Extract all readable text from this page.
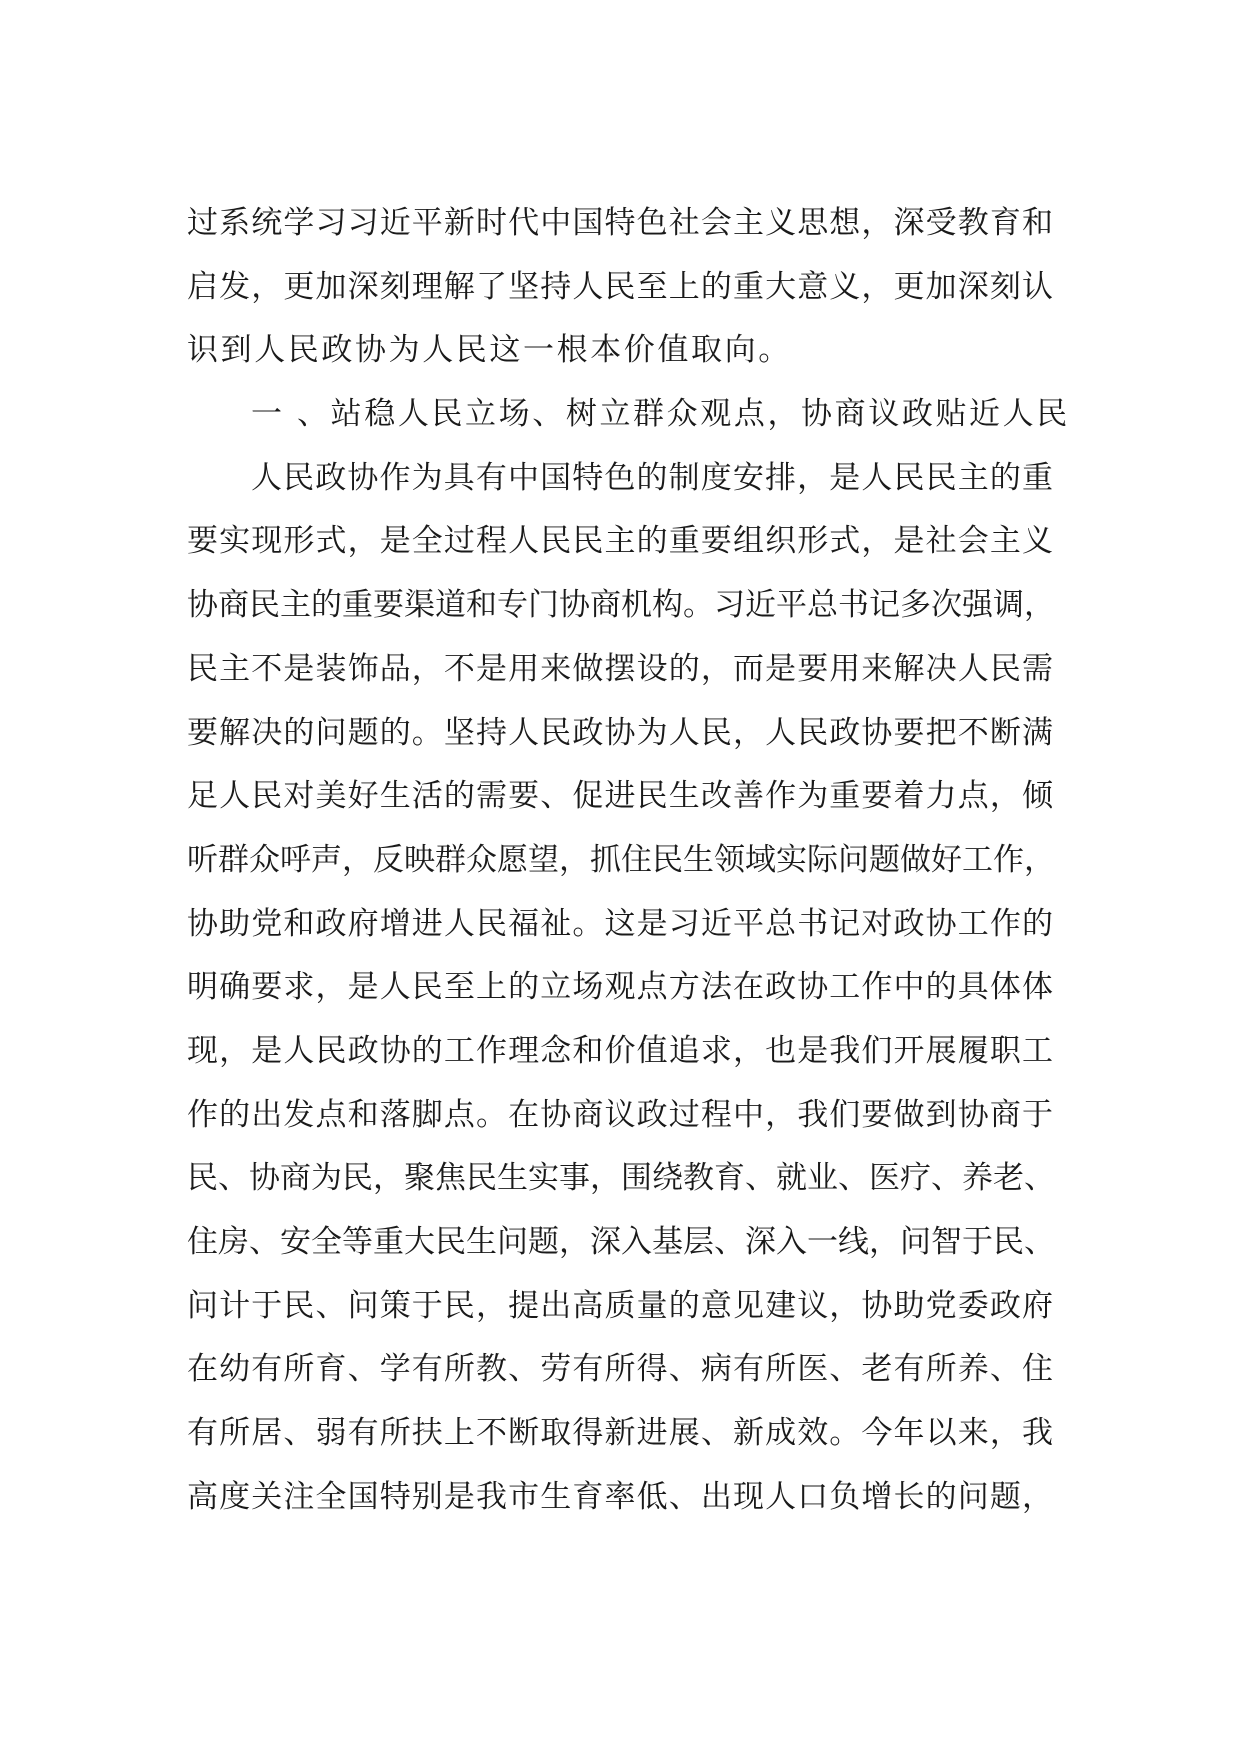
过系统学习习近平新时代中国特色社会主义思想，深受教育和
启发，更加深刻理解了坚持人民至上的重大意义，更加深刻认
识到人民政协为人民这一根本价值取向。
一 、站稳人民立场、树立群众观点，协商议政贴近人民
人民政协作为具有中国特色的制度安排，是人民民主的重
要实现形式，是全过程人民民主的重要组织形式，是社会主义
协商民主的重要渠道和专门协商机构。习近平总书记多次强调，
民主不是装饰品，不是用来做摆设的，而是要用来解决人民需
要解决的问题的。坚持人民政协为人民，人民政协要把不断满
足人民对美好生活的需要、促进民生改善作为重要着力点，倾
听群众呼声，反映群众愿望，抓住民生领域实际问题做好工作，
协助党和政府增进人民福祉。这是习近平总书记对政协工作的
明确要求，是人民至上的立场观点方法在政协工作中的具体体
现，是人民政协的工作理念和价值追求，也是我们开展履职工
作的出发点和落脚点。在协商议政过程中，我们要做到协商于
民、协商为民，聚焦民生实事，围绕教育、就业、医疗、养老、
住房、安全等重大民生问题，深入基层、深入一线，问智于民、
问计于民、问策于民，提出高质量的意见建议，协助党委政府
在幼有所育、学有所教、劳有所得、病有所医、老有所养、住
有所居、弱有所扶上不断取得新进展、新成效。今年以来，我
高度关注全国特别是我市生育率低、出现人口负增长的问题，
